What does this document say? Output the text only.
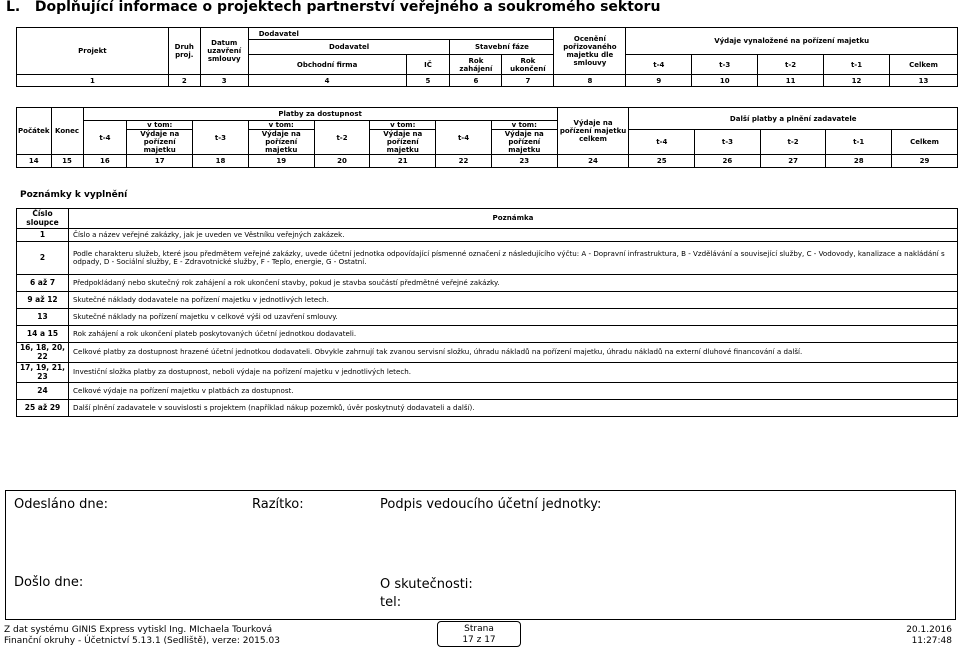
L. Doplňující informace o projektech partnerství veřejného a soukromého sektoru
Projekt	Druh proj.	Datum uzavření smlouvy	Dodavatel				Ocenění pořizovaného majetku dle smlouvy	Výdaje vynaložené na pořízení majetku				
			Dodavatel		Stavební fáze							
			Obchodní firma	IČ	Rok zahájení	Rok ukončení		t-4	t-3	t-2	t-1	Celkem
1	2	3	4	5	6	7	8	9	10	11	12	13
Počátek	Konec	Platby za dostupnost								Výdaje na pořízení majetku celkem	Další platby a plnění zadavatele				
		t-4	v tom:	t-3	v tom:	t-2	v tom:	t-4	v tom:						
			Výdaje na pořízení majetku		Výdaje na pořízení majetku		Výdaje na pořízení majetku		Výdaje na pořízení majetku		t-4	t-3	t-2	t-1	Celkem
14	15	16	17	18	19	20	21	22	23	24	25	26	27	28	29
Poznámky k vyplnění
Číslo sloupce	Poznámka
1	Číslo a název veřejné zakázky, jak je uveden ve Věstníku veřejných zakázek.
2	Podle charakteru služeb, které jsou předmětem veřejné zakázky, uvede účetní jednotka odpovídající písmenné označení z následujícího výčtu: A - Dopravní infrastruktura, B - Vzdělávání a související služby, C - Vodovody, kanalizace a nakládání s odpady, D - Sociální služby, E - Zdravotnické služby, F - Teplo, energie, G - Ostatní.
6 až 7	Předpokládaný nebo skutečný rok zahájení a rok ukončení stavby, pokud je stavba součástí předmětné veřejné zakázky.
9 až 12	Skutečné náklady dodavatele na pořízení majetku v jednotlivých letech.
13	Skutečné náklady na pořízení majetku v celkové výši od uzavření smlouvy.
14 a 15	Rok zahájení a rok ukončení plateb poskytovaných účetní jednotkou dodavateli.
16, 18, 20, 22	Celkové platby za dostupnost hrazené účetní jednotkou dodavateli. Obvykle zahrnují tak zvanou servisní složku, úhradu nákladů na pořízení majetku, úhradu nákladů na externí dluhové financování a další.
17, 19, 21, 23	Investiční složka platby za dostupnost, neboli výdaje na pořízení majetku v jednotlivých letech.
24	Celkové výdaje na pořízení majetku v platbách za dostupnost.
25 až 29	Další plnění zadavatele v souvislosti s projektem (například nákup pozemků, úvěr poskytnutý dodavateli a další).
Odesláno dne:	Razítko:	Podpis vedoucího účetní jednotky:
Došlo dne:	O skutečnosti:
tel:
Z dat systému GINIS Express vytiskl Ing. MIchaela Tourková
Finanční okruhy - Účetnictví 5.13.1 (Sedliště), verze: 2015.03
Strana
17 z 17
20.1.2016
11:27:48
